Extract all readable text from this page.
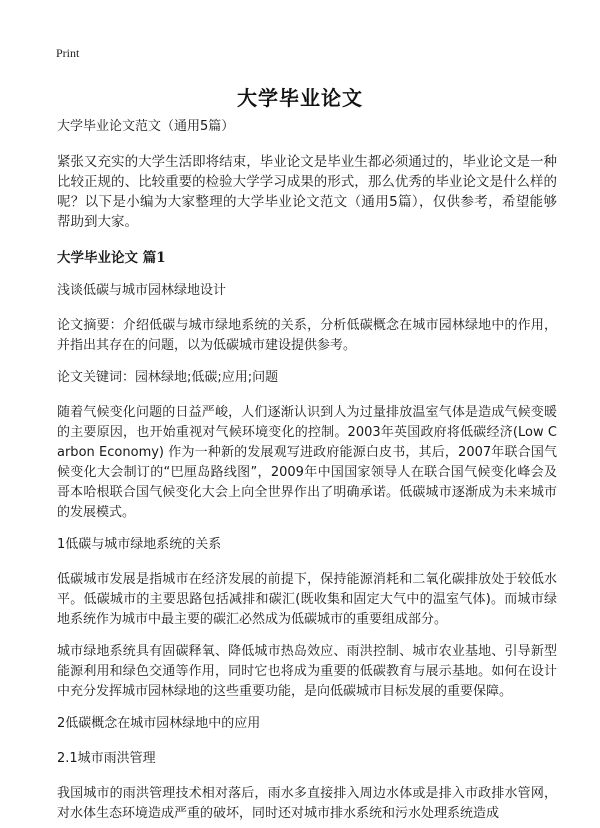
Print
大学毕业论文

大学毕业论文范文（通用5篇）

紧张又充实的大学生活即将结束，毕业论文是毕业生都必须通过的，毕业论文是一种比较正规的、比较重要的检验大学学习成果的形式，那么优秀的毕业论文是什么样的呢？以下是小编为大家整理的大学毕业论文范文（通用5篇），仅供参考，希望能够帮助到大家。

大学毕业论文 篇1

浅谈低碳与城市园林绿地设计

论文摘要：介绍低碳与城市绿地系统的关系，分析低碳概念在城市园林绿地中的作用，并指出其存在的问题，以为低碳城市建设提供参考。

论文关键词：园林绿地;低碳;应用;问题

随着气候变化问题的日益严峻，人们逐渐认识到人为过量排放温室气体是造成气候变暖的主要原因，也开始重视对气候环境变化的控制。2003年英国政府将低碳经济(Low Carbon Economy) 作为一种新的发展观写进政府能源白皮书，其后，2007年联合国气候变化大会制订的“巴厘岛路线图”，2009年中国国家领导人在联合国气候变化峰会及哥本哈根联合国气候变化大会上向全世界作出了明确承诺。低碳城市逐渐成为未来城市的发展模式。

1低碳与城市绿地系统的关系

低碳城市发展是指城市在经济发展的前提下，保持能源消耗和二氧化碳排放处于较低水平。低碳城市的主要思路包括减排和碳汇(既收集和固定大气中的温室气体)。而城市绿地系统作为城市中最主要的碳汇必然成为低碳城市的重要组成部分。

城市绿地系统具有固碳释氧、降低城市热岛效应、雨洪控制、城市农业基地、引导新型能源利用和绿色交通等作用，同时它也将成为重要的低碳教育与展示基地。如何在设计中充分发挥城市园林绿地的这些重要功能，是向低碳城市目标发展的重要保障。

2低碳概念在城市园林绿地中的应用

2.1城市雨洪管理

我国城市的雨洪管理技术相对落后，雨水多直接排入周边水体或是排入市政排水管网，对水体生态环境造成严重的破坏，同时还对城市排水系统和污水处理系统造成
